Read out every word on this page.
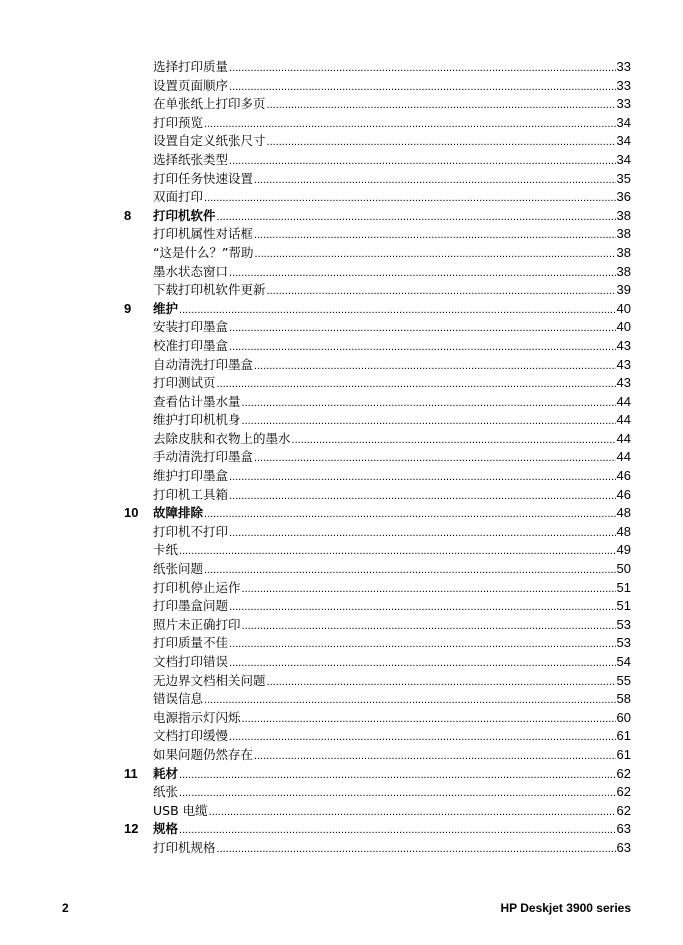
选择打印质量 .....	33
设置页面顺序 .....	33
在单张纸上打印多页 .....	33
打印预览 .....	34
设置自定义纸张尺寸 .....	34
选择纸张类型 .....	34
打印任务快速设置 .....	35
双面打印 .....	36
8 打印机软件 .....	38
打印机属性对话框 .....	38
“这是什么？”帮助 .....	38
墨水状态窗口 .....	38
下载打印机软件更新 .....	39
9 维护 .....	40
安装打印墨盒 .....	40
校准打印墨盒 .....	43
自动清洗打印墨盒 .....	43
打印测试页 .....	43
查看估计墨水量 .....	44
维护打印机机身 .....	44
去除皮肤和衣物上的墨水 .....	44
手动清洗打印墨盒 .....	44
维护打印墨盒 .....	46
打印机工具箱 .....	46
10 故障排除 .....	48
打印机不打印 .....	48
卡纸 .....	49
纸张问题 .....	50
打印机停止运作 .....	51
打印墨盒问题 .....	51
照片未正确打印 .....	53
打印质量不佳 .....	53
文档打印错误 .....	54
无边界文档相关问题 .....	55
错误信息 .....	58
电源指示灯闪烁 .....	60
文档打印缓慢 .....	61
如果问题仍然存在 .....	61
11 耗材 .....	62
纸张 .....	62
USB 电缆 .....	62
12 规格 .....	63
打印机规格 .....	63
2	HP Deskjet 3900 series
